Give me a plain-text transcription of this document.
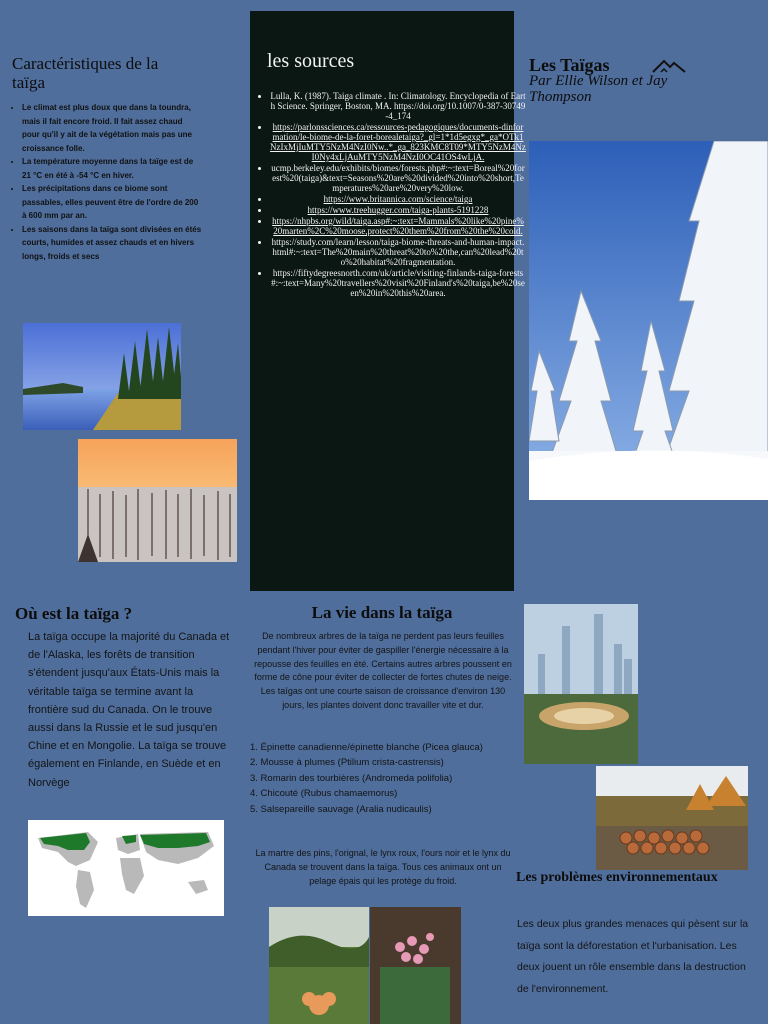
Caractéristiques de la taïga
• Le climat est plus doux que dans la toundra, mais il fait encore froid. Il fait assez chaud pour qu'il y ait de la végétation mais pas une croissance folle.
• La température moyenne dans la taïge est de 21 °C en été à -54 °C en hiver.
• Les précipitations dans ce biome sont passables, elles peuvent être de l'ordre de 200 à 600 mm par an.
• Les saisons dans la taïga sont divisées en étés courts, humides et assez chauds et en hivers longs, froids et secs
les sources
• Lulla, K. (1987). Taiga climate . In: Climatology. Encyclopedia of Earth Science. Springer, Boston, MA. https://doi.org/10.1007/0-387-30749-4_174
• https://parlonssciences.ca/ressources-pedagogiques/documents-dinformation/le-biome-de-la-foret-borealetaiga?_gl=1*1d5egxg*_ga*OTk1NzIxMjIuMTY5NzM4NzI0Nw..*_ga_823KMC8T09*MTY5NzM4NzI0Ny4xLjAuMTY5NzM4NzI0OC41OS4wLjA.
• ucmp.berkeley.edu/exhibits/biomes/forests.php#:~:text=Boreal%20forest%20(taiga)&text=Seasons%20are%20divided%20into%20short,Temperatures%20are%20very%20low.
• https://www.britannica.com/science/taiga
• https://www.treehugger.com/taiga-plants-5191228
• https://nhpbs.org/wild/taiga.asp#:~:text=Mammals%20like%20pine%20marten%2C%20moose,protect%20them%20from%20the%20cold.
• https://study.com/learn/lesson/taiga-biome-threats-and-human-impact.html#:~:text=The%20main%20threat%20to%20the,can%20lead%20to%20habitat%20fragmentation.
• https://fiftydegreesnorth.com/uk/article/visiting-finlands-taiga-forests#:~:text=Many%20travellers%20visit%20Finland's%20taiga,be%20seen%20in%20this%20area.
Les Taïgas
Par Ellie Wilson et Jay Thompson
Où est la taïga ?
La taïga occupe la majorité du Canada et de l'Alaska, les forêts de transition s'étendent jusqu'aux États-Unis mais la véritable taïga se termine avant la frontière sud du Canada. On le trouve aussi dans la Russie et le sud jusqu'en Chine et en Mongolie. La taïga se trouve également en Finlande, en Suède et en Norvège
La vie dans la taïga
De nombreux arbres de la taïga ne perdent pas leurs feuilles pendant l'hiver pour éviter de gaspiller l'énergie nécessaire à la repousse des feuilles en été. Certains autres arbres poussent en forme de cône pour éviter de collecter de fortes chutes de neige. Les taïgas ont une courte saison de croissance d'environ 130 jours, les plantes doivent donc travailler vite et dur.
1. Épinette canadienne/épinette blanche (Picea glauca)
2. Mousse à plumes (Ptilium crista-castrensis)
3. Romarin des tourbières (Andromeda polifolia)
4. Chicouté (Rubus chamaemorus)
5. Salsepareille sauvage (Aralia nudicaulis)
La martre des pins, l'orignal, le lynx roux, l'ours noir et le lynx du Canada se trouvent dans la taïga. Tous ces animaux ont un pelage épais qui les protège du froid.	Les problèmes environnementaux
Les deux plus grandes menaces qui pèsent sur la taïga sont la déforestation et l'urbanisation. Les deux jouent un rôle ensemble dans la destruction de l'environnement.
